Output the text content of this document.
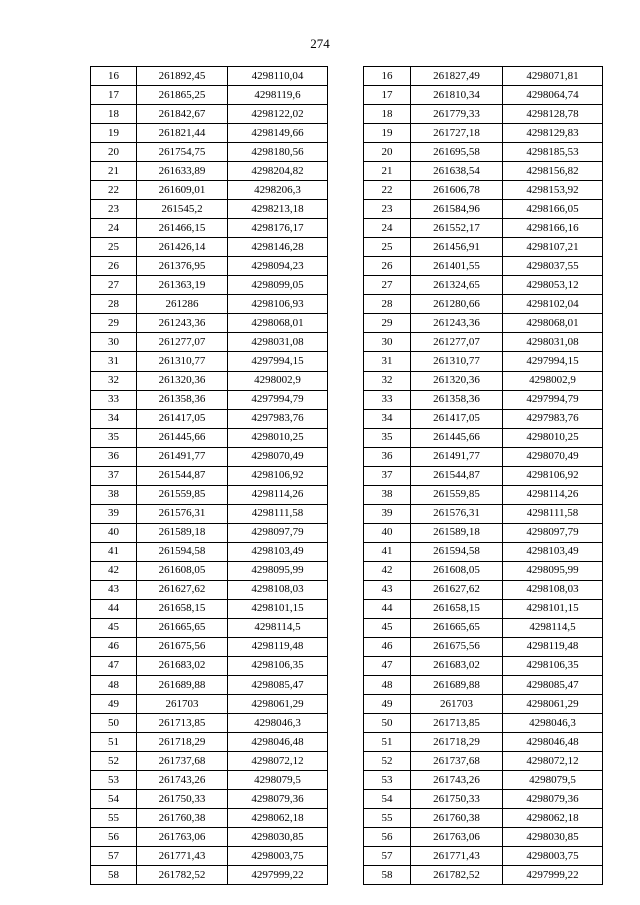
274
16	261892,45	4298110,04
17	261865,25	4298119,6
18	261842,67	4298122,02
19	261821,44	4298149,66
20	261754,75	4298180,56
21	261633,89	4298204,82
22	261609,01	4298206,3
23	261545,2	4298213,18
24	261466,15	4298176,17
25	261426,14	4298146,28
26	261376,95	4298094,23
27	261363,19	4298099,05
28	261286	4298106,93
29	261243,36	4298068,01
30	261277,07	4298031,08
31	261310,77	4297994,15
32	261320,36	4298002,9
33	261358,36	4297994,79
34	261417,05	4297983,76
35	261445,66	4298010,25
36	261491,77	4298070,49
37	261544,87	4298106,92
38	261559,85	4298114,26
39	261576,31	4298111,58
40	261589,18	4298097,79
41	261594,58	4298103,49
42	261608,05	4298095,99
43	261627,62	4298108,03
44	261658,15	4298101,15
45	261665,65	4298114,5
46	261675,56	4298119,48
47	261683,02	4298106,35
48	261689,88	4298085,47
49	261703	4298061,29
50	261713,85	4298046,3
51	261718,29	4298046,48
52	261737,68	4298072,12
53	261743,26	4298079,5
54	261750,33	4298079,36
55	261760,38	4298062,18
56	261763,06	4298030,85
57	261771,43	4298003,75
58	261782,52	4297999,22
16	261827,49	4298071,81
17	261810,34	4298064,74
18	261779,33	4298128,78
19	261727,18	4298129,83
20	261695,58	4298185,53
21	261638,54	4298156,82
22	261606,78	4298153,92
23	261584,96	4298166,05
24	261552,17	4298166,16
25	261456,91	4298107,21
26	261401,55	4298037,55
27	261324,65	4298053,12
28	261280,66	4298102,04
29	261243,36	4298068,01
30	261277,07	4298031,08
31	261310,77	4297994,15
32	261320,36	4298002,9
33	261358,36	4297994,79
34	261417,05	4297983,76
35	261445,66	4298010,25
36	261491,77	4298070,49
37	261544,87	4298106,92
38	261559,85	4298114,26
39	261576,31	4298111,58
40	261589,18	4298097,79
41	261594,58	4298103,49
42	261608,05	4298095,99
43	261627,62	4298108,03
44	261658,15	4298101,15
45	261665,65	4298114,5
46	261675,56	4298119,48
47	261683,02	4298106,35
48	261689,88	4298085,47
49	261703	4298061,29
50	261713,85	4298046,3
51	261718,29	4298046,48
52	261737,68	4298072,12
53	261743,26	4298079,5
54	261750,33	4298079,36
55	261760,38	4298062,18
56	261763,06	4298030,85
57	261771,43	4298003,75
58	261782,52	4297999,22
